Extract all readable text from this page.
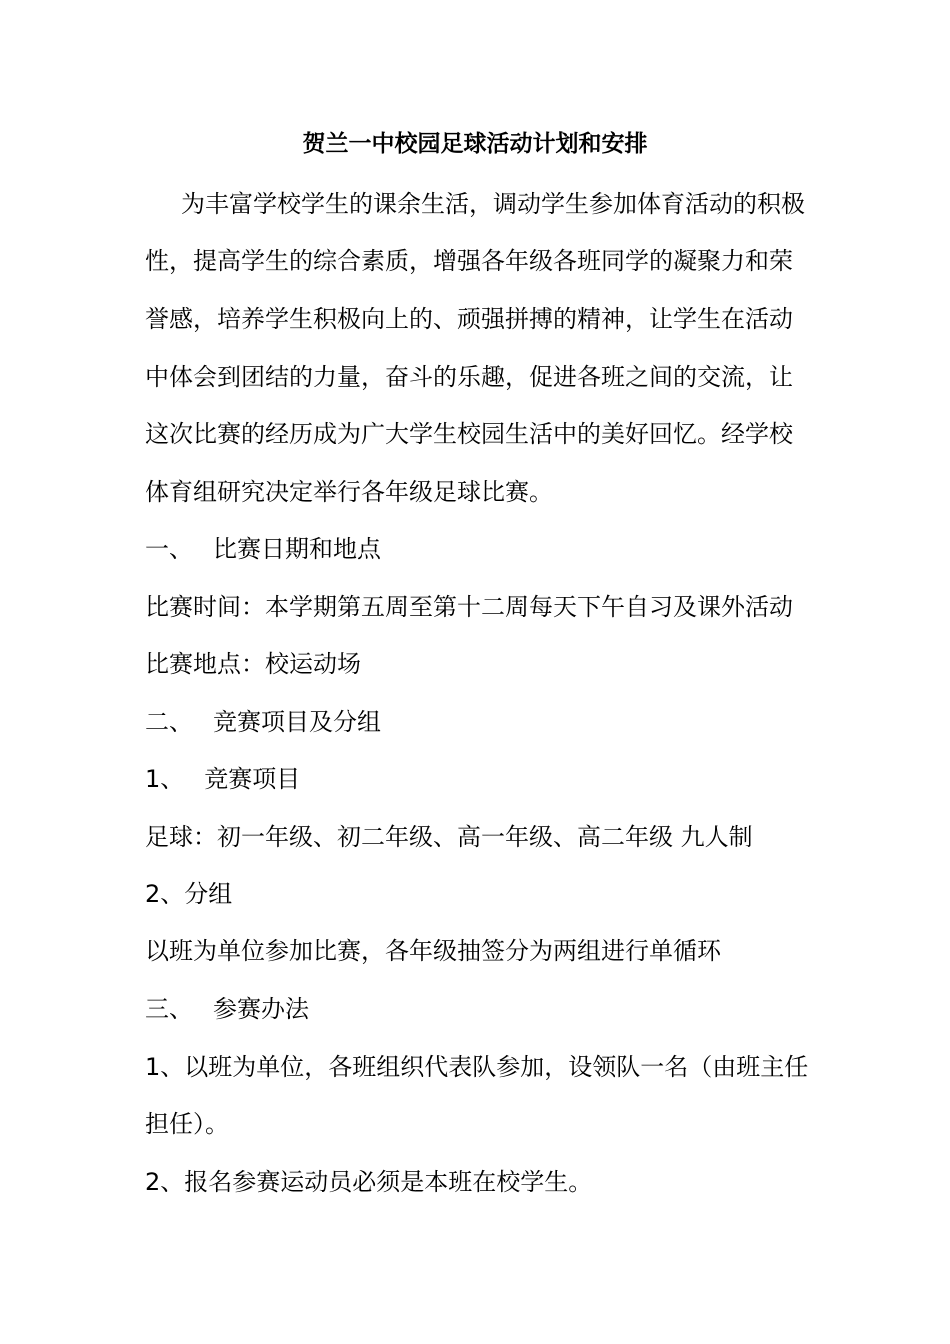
贺兰一中校园足球活动计划和安排
为丰富学校学生的课余生活，调动学生参加体育活动的积极
性，提高学生的综合素质，增强各年级各班同学的凝聚力和荣
誉感，培养学生积极向上的、顽强拼搏的精神，让学生在活动
中体会到团结的力量，奋斗的乐趣，促进各班之间的交流，让
这次比赛的经历成为广大学生校园生活中的美好回忆。经学校
体育组研究决定举行各年级足球比赛。
一、 比赛日期和地点
比赛时间：本学期第五周至第十二周每天下午自习及课外活动
比赛地点：校运动场
二、 竞赛项目及分组
1、 竞赛项目
足球：初一年级、初二年级、高一年级、高二年级 九人制
2、分组
以班为单位参加比赛，各年级抽签分为两组进行单循环
三、 参赛办法
1、以班为单位，各班组织代表队参加，设领队一名（由班主任
担任）。
2、报名参赛运动员必须是本班在校学生。
